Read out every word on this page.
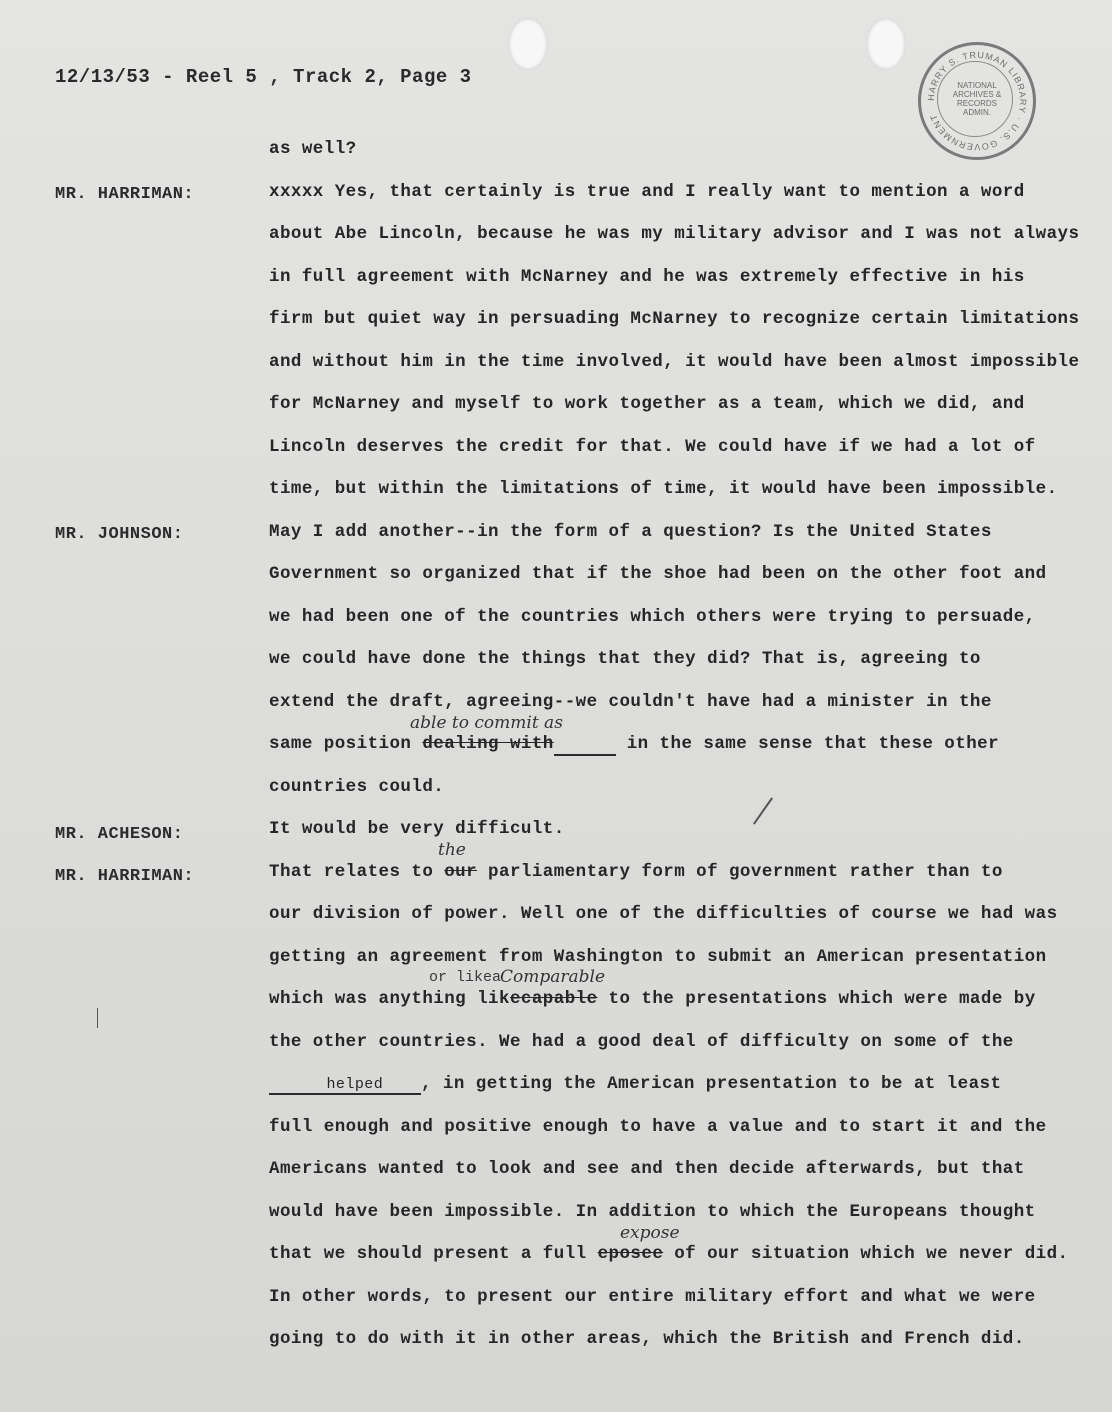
12/13/53 - Reel 5 , Track 2, Page 3
HARRY S. TRUMAN LIBRARY · U.S. GOVERNMENT
NATIONAL
ARCHIVES &
RECORDS
ADMIN.
MR. HARRIMAN:
MR. JOHNSON:
MR. ACHESON:
MR. HARRIMAN:
as well?
xxxxx Yes, that certainly is true and I really want to mention a word
about Abe Lincoln, because he was my military advisor and I was not always
in full agreement with McNarney and he was extremely effective in his
firm but quiet way in persuading McNarney to recognize certain limitations
and without him in the time involved, it would have been almost impossible
for McNarney and myself to work together as a team, which we did, and
Lincoln deserves the credit for that. We could have if we had a lot of
time, but within the limitations of time, it would have been impossible.
May I add another--in the form of a question? Is the United States
Government so organized that if the shoe had been on the other foot and
we had been one of the countries which others were trying to persuade,
we could have done the things that they did? That is, agreeing to
extend the draft, agreeing--we couldn't have had a minister in the
able to commit as
same position dealing with	in the same sense that these other
countries could.
It would be very difficult.
the
That relates to our parliamentary form of government rather than to
our division of power. Well one of the difficulties of course we had was
getting an agreement from Washington to submit an American presentation
or likea
Comparable
which was anything likecapable to the presentations which were made by
the other countries. We had a good deal of difficulty on some of the
helped , in getting the American presentation to be at least
full enough and positive enough to have a value and to start it and the
Americans wanted to look and see and then decide afterwards, but that
would have been impossible. In addition to which the Europeans thought
expose
that we should present a full eposee of our situation which we never did.
In other words, to present our entire military effort and what we were
going to do with it in other areas, which the British and French did.
